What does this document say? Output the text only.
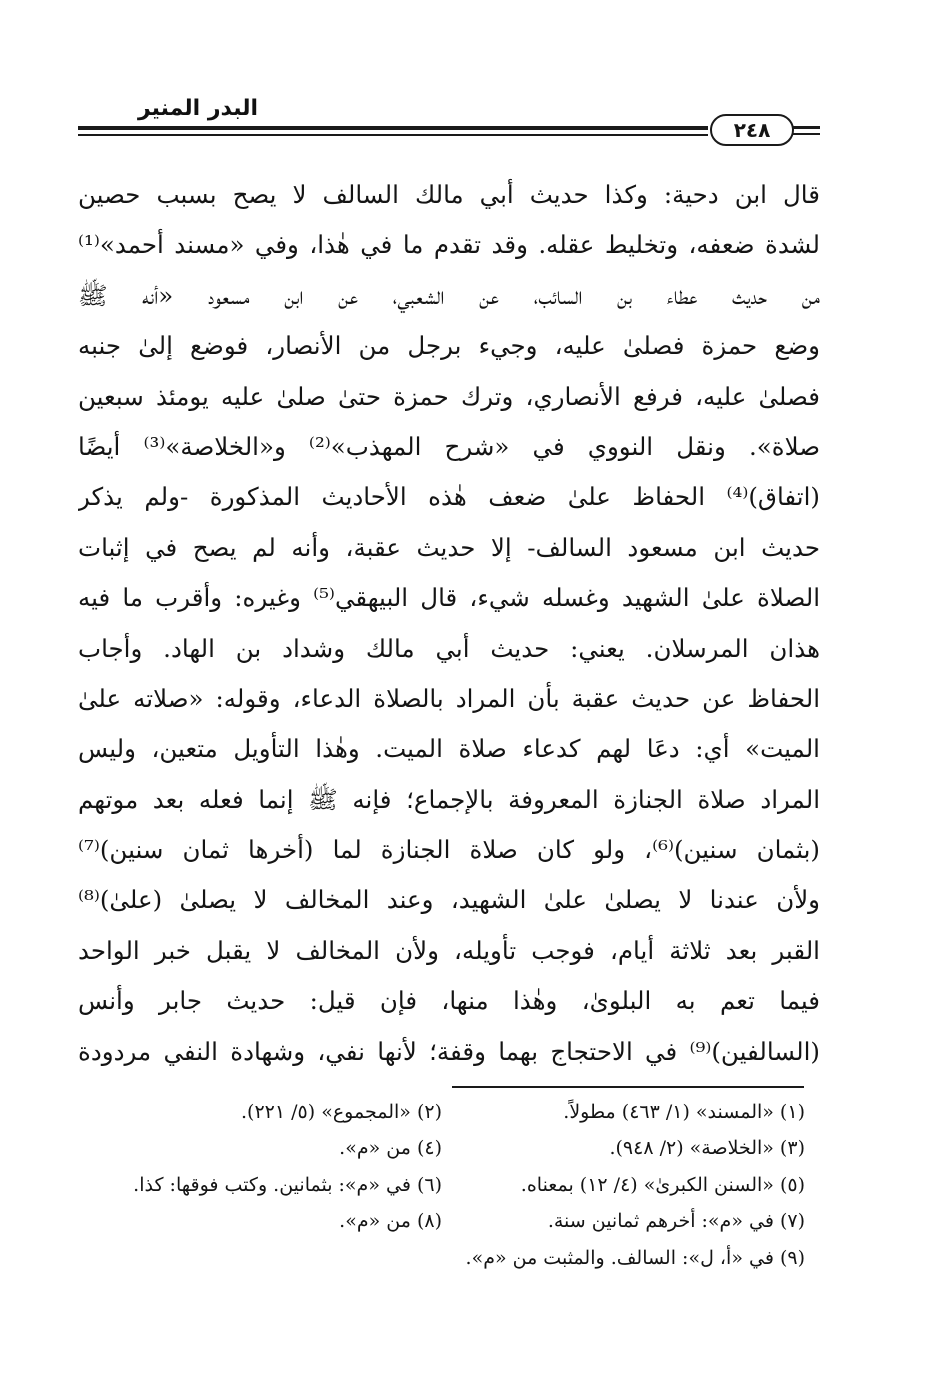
البدر المنير
٢٤٨
قال ابن دحية: وكذا حديث أبي مالك السالف لا يصح بسبب حصين
لشدة ضعفه، وتخليط عقله. وقد تقدم ما في هٰذا، وفي «مسند أحمد»⁽¹⁾
من حديث عطاء بن السائب، عن الشعبي، عن ابن مسعود «أنه ﷺ
وضع حمزة فصلىٰ عليه، وجيء برجل من الأنصار، فوضع إلىٰ جنبه
فصلىٰ عليه، فرفع الأنصاري، وترك حمزة حتىٰ صلىٰ عليه يومئذ سبعين
صلاة». ونقل النووي في «شرح المهذب»⁽²⁾ و«الخلاصة»⁽³⁾ أيضًا
(اتفاق)⁽⁴⁾ الحفاظ علىٰ ضعف هٰذه الأحاديث المذكورة -ولم يذكر
حديث ابن مسعود السالف- إلا حديث عقبة، وأنه لم يصح في إثبات
الصلاة علىٰ الشهيد وغسله شيء، قال البيهقي⁽⁵⁾ وغيره: وأقرب ما فيه
هذان المرسلان. يعني: حديث أبي مالك وشداد بن الهاد. وأجاب
الحفاظ عن حديث عقبة بأن المراد بالصلاة الدعاء، وقوله: «صلاته علىٰ
الميت» أي: دعَا لهم كدعاء صلاة الميت. وهٰذا التأويل متعين، وليس
المراد صلاة الجنازة المعروفة بالإجماع؛ فإنه ﷺ إنما فعله بعد موتهم
(بثمان سنين)⁽⁶⁾، ولو كان صلاة الجنازة لما (أخرها ثمان سنين)⁽⁷⁾
ولأن عندنا لا يصلىٰ علىٰ الشهيد، وعند المخالف لا يصلىٰ (علىٰ)⁽⁸⁾
القبر بعد ثلاثة أيام، فوجب تأويله، ولأن المخالف لا يقبل خبر الواحد
فيما تعم به البلوىٰ، وهٰذا منها، فإن قيل: حديث جابر وأنس
(السالفين)⁽⁹⁾ في الاحتجاج بهما وقفة؛ لأنها نفي، وشهادة النفي مردودة
(١) «المسند» (١/ ٤٦٣) مطولاً.
(٢) «المجموع» (٥/ ٢٢١).
(٣) «الخلاصة» (٢/ ٩٤٨).
(٤) من «م».
(٥) «السنن الكبرىٰ» (٤/ ١٢) بمعناه.
(٦) في «م»: بثمانين. وكتب فوقها: كذا.
(٧) في «م»: أخرهم ثمانين سنة.
(٨) من «م».
(٩) في «أ، ل»: السالف. والمثبت من «م».
